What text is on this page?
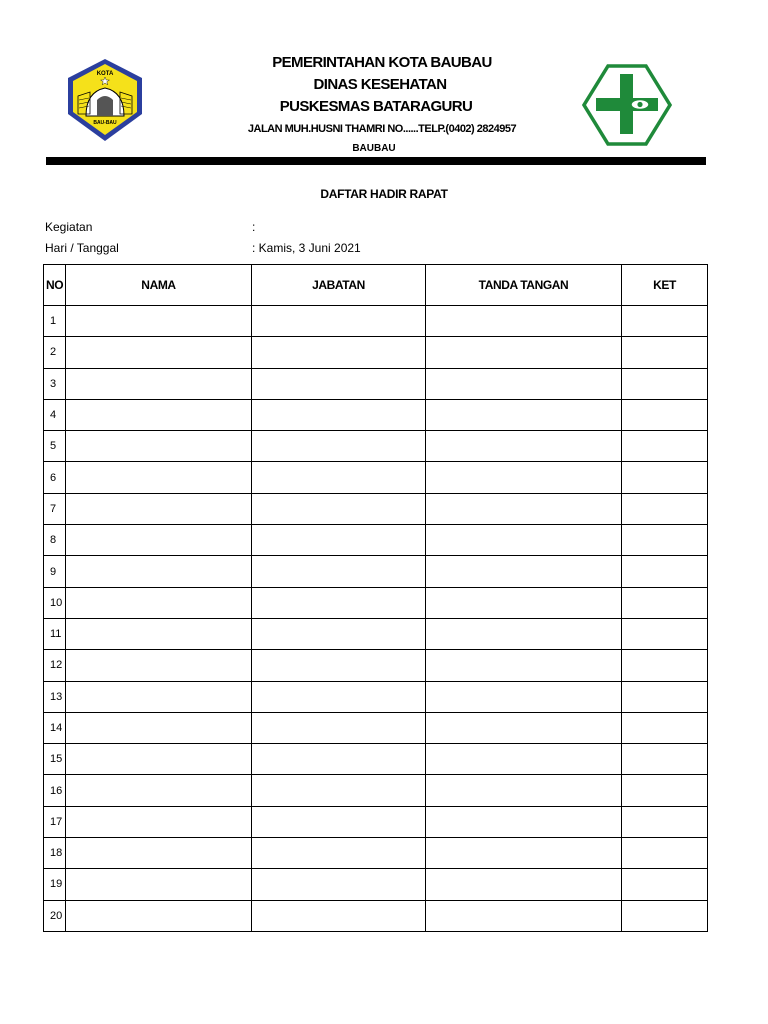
KOTA
BAU-BAU
PEMERINTAHAN KOTA BAUBAU
DINAS KESEHATAN
PUSKESMAS BATARAGURU
JALAN MUH.HUSNI THAMRI NO......TELP.(0402) 2824957
BAUBAU
DAFTAR HADIR RAPAT
Kegiatan	:
Hari / Tanggal	: Kamis, 3 Juni 2021
NO	NAMA	JABATAN	TANDA TANGAN	KET
1				
2				
3				
4				
5				
6				
7				
8				
9				
10				
11				
12				
13				
14				
15				
16				
17				
18				
19				
20				
